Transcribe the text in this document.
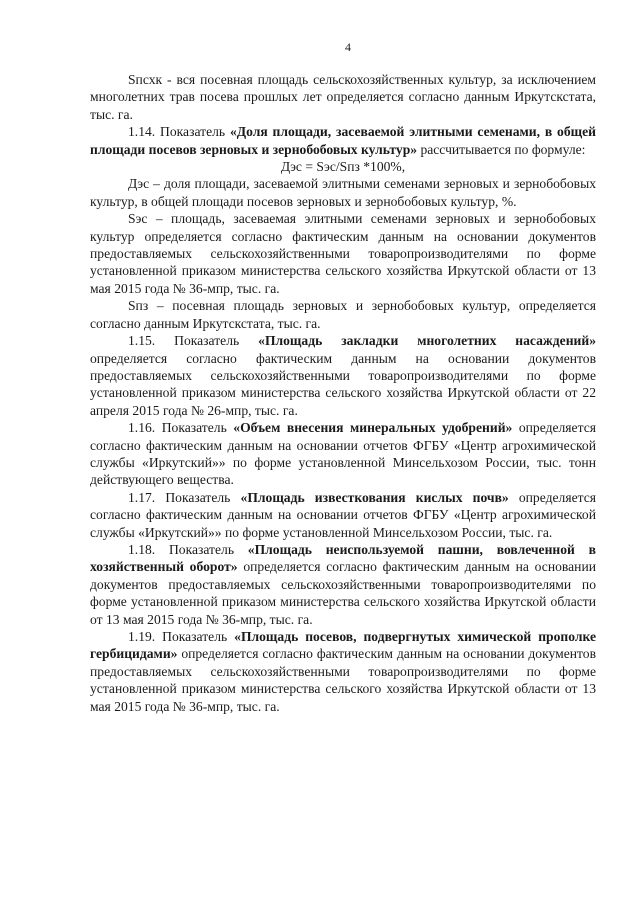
4

Sпсхк - вся посевная площадь сельскохозяйственных культур, за исключением многолетних трав посева прошлых лет определяется согласно данным Иркутскстата, тыс. га.

1.14. Показатель «Доля площади, засеваемой элитными семенами, в общей площади посевов зерновых и зернобобовых культур» рассчитывается по формуле:

Дэс = Sэс/Sпз *100%,

Дэс – доля площади, засеваемой элитными семенами зерновых и зернобобовых культур, в общей площади посевов зерновых и зернобобовых культур, %.

Sэс – площадь, засеваемая элитными семенами зерновых и зернобобовых культур определяется согласно фактическим данным на основании документов предоставляемых сельскохозяйственными товаропроизводителями по форме установленной приказом министерства сельского хозяйства Иркутской области от 13 мая 2015 года № 36-мпр, тыс. га.

Sпз – посевная площадь зерновых и зернобобовых культур, определяется согласно данным Иркутскстата, тыс. га.

1.15. Показатель «Площадь закладки многолетних насаждений» определяется согласно фактическим данным на основании документов предоставляемых сельскохозяйственными товаропроизводителями по форме установленной приказом министерства сельского хозяйства Иркутской области от 22 апреля 2015 года № 26-мпр, тыс. га.

1.16. Показатель «Объем внесения минеральных удобрений» определяется согласно фактическим данным на основании отчетов ФГБУ «Центр агрохимической службы «Иркутский»» по форме установленной Минсельхозом России, тыс. тонн действующего вещества.

1.17. Показатель «Площадь известкования кислых почв» определяется согласно фактическим данным на основании отчетов ФГБУ «Центр агрохимической службы «Иркутский»» по форме установленной Минсельхозом России, тыс. га.

1.18. Показатель «Площадь неиспользуемой пашни, вовлеченной в хозяйственный оборот» определяется согласно фактическим данным на основании документов предоставляемых сельскохозяйственными товаропроизводителями по форме установленной приказом министерства сельского хозяйства Иркутской области от 13 мая 2015 года № 36-мпр, тыс. га.

1.19. Показатель «Площадь посевов, подвергнутых химической прополке гербицидами» определяется согласно фактическим данным на основании документов предоставляемых сельскохозяйственными товаропроизводителями по форме установленной приказом министерства сельского хозяйства Иркутской области от 13 мая 2015 года № 36-мпр, тыс. га.
